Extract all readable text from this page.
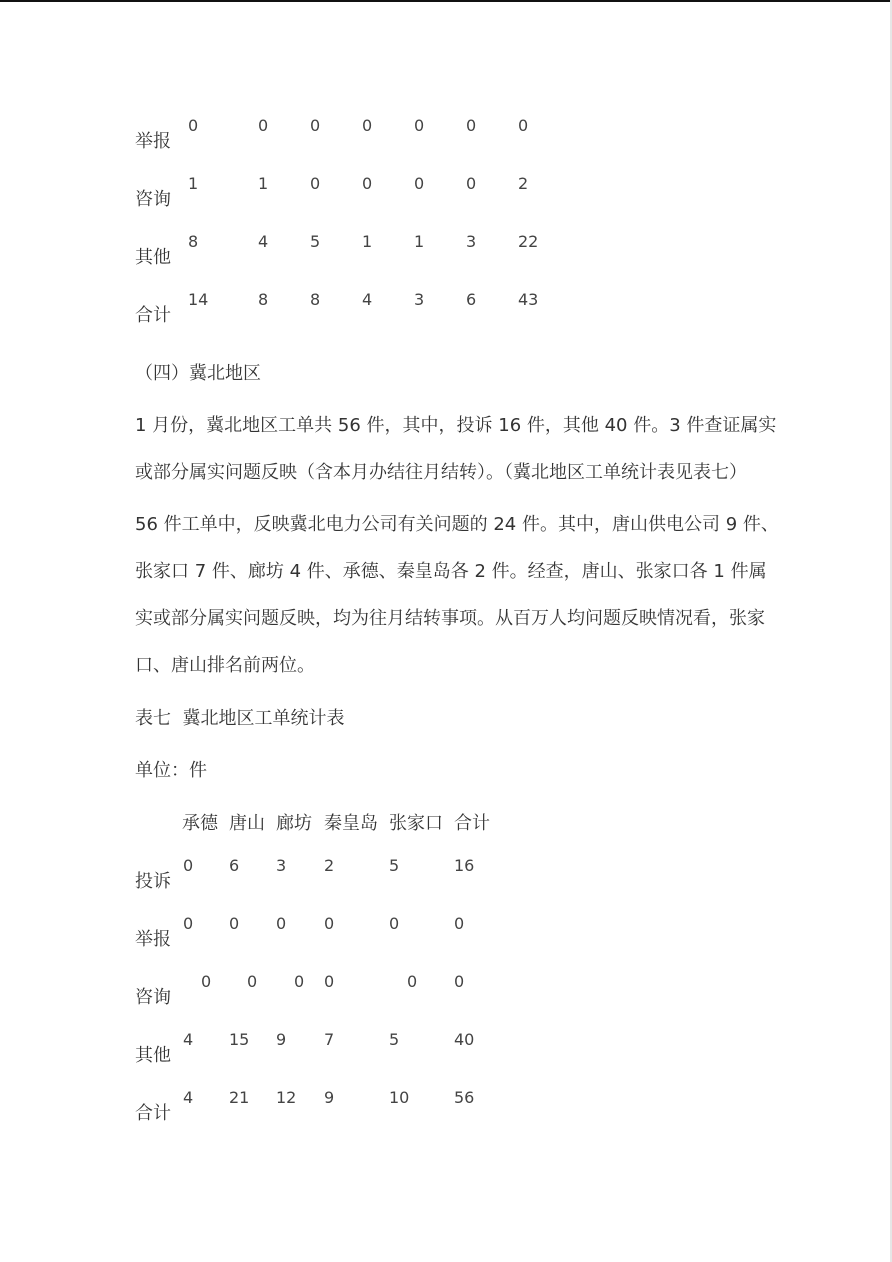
举报
0	0	0	0	0	0	0
咨询
1	1	0	0	0	0	2
其他
8	4	5	1	1	3	22
合计
14	8	8	4	3	6	43
（四）冀北地区
1 月份，冀北地区工单共 56 件，其中，投诉 16 件，其他 40 件。3 件查证属实
或部分属实问题反映（含本月办结往月结转）。（冀北地区工单统计表见表七）
56 件工单中，反映冀北电力公司有关问题的 24 件。其中，唐山供电公司 9 件、
张家口 7 件、廊坊 4 件、承德、秦皇岛各 2 件。经查，唐山、张家口各 1 件属
实或部分属实问题反映，均为往月结转事项。从百万人均问题反映情况看，张家
口、唐山排名前两位。
表七  冀北地区工单统计表
单位：件
承德 唐山 廊坊 秦皇岛 张家口 合计
投诉
0 6 3 2	5	16
举报
0 0 0 0	0	0
咨询
0 0 0 0	0 0
其他
4 15 9 7	5	40
合计
4 21 12 9	10	56
